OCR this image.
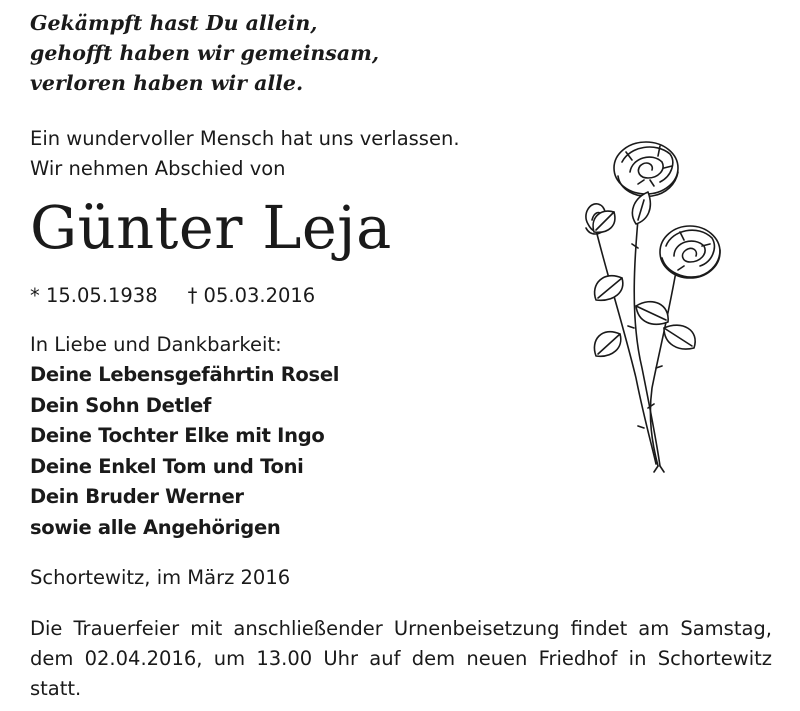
Gekämpft hast Du allein,
gehofft haben wir gemeinsam,
verloren haben wir alle.
Ein wundervoller Mensch hat uns verlassen.
Wir nehmen Abschied von
Günter Leja
* 15.05.1938 † 05.03.2016
In Liebe und Dankbarkeit:
Deine Lebensgefährtin Rosel
Dein Sohn Detlef
Deine Tochter Elke mit Ingo
Deine Enkel Tom und Toni
Dein Bruder Werner
sowie alle Angehörigen
Schortewitz, im März 2016
Die Trauerfeier mit anschließender Urnenbeisetzung findet am Samstag, dem 02.04.2016, um 13.00 Uhr auf dem neuen Friedhof in Schortewitz statt.
